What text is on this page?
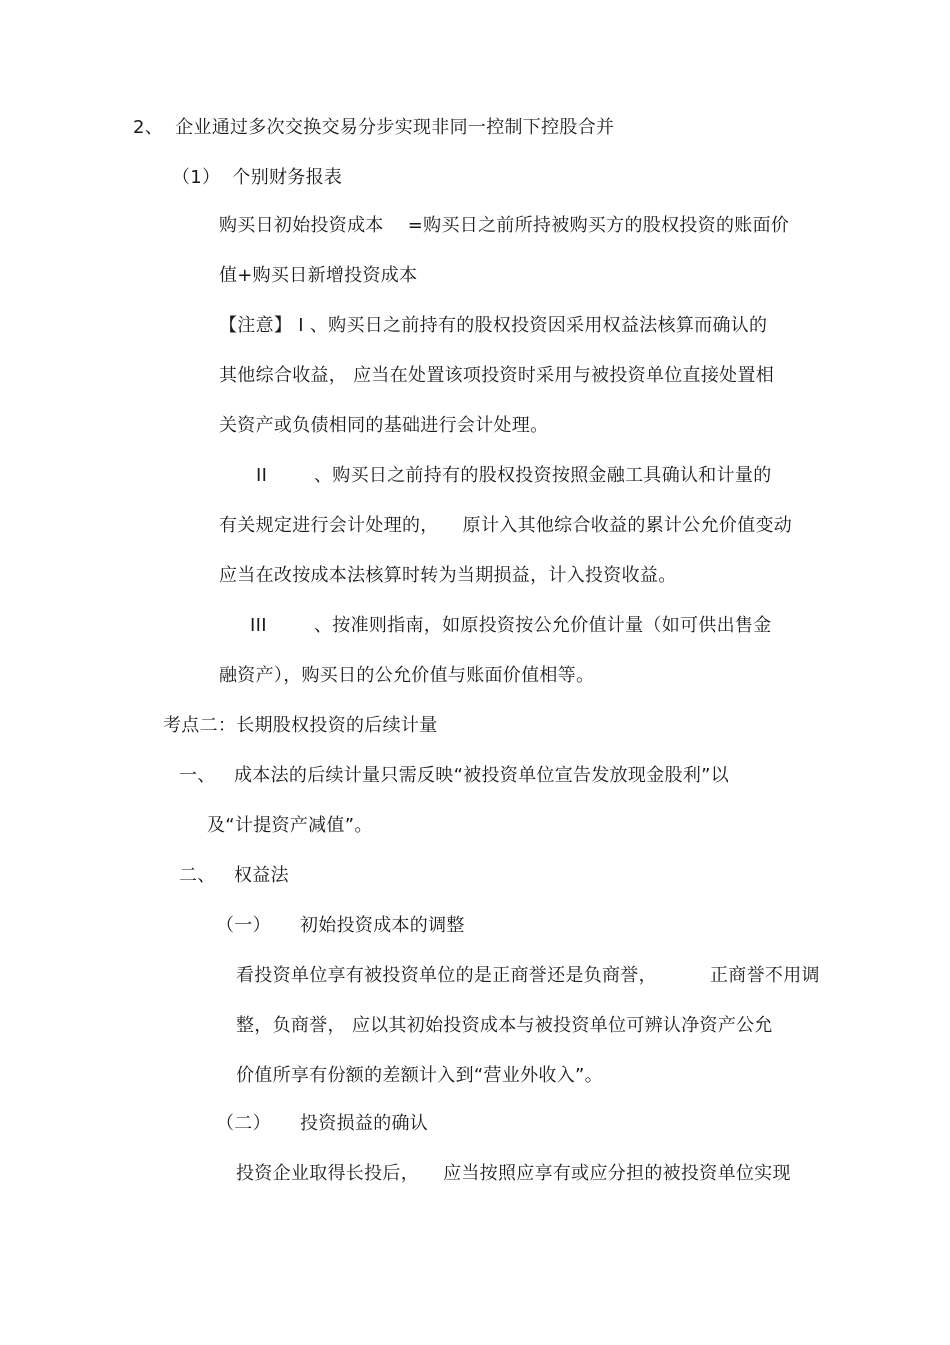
2、  企业通过多次交换交易分步实现非同一控制下控股合并
（1）  个别财务报表
购买日初始投资成本    =购买日之前所持被购买方的股权投资的账面价
值+购买日新增投资成本
【注意】 I 、购买日之前持有的股权投资因采用权益法核算而确认的
其他综合收益， 应当在处置该项投资时采用与被投资单位直接处置相
关资产或负债相同的基础进行会计处理。
II	、购买日之前持有的股权投资按照金融工具确认和计量的
有关规定进行会计处理的，    原计入其他综合收益的累计公允价值变动
应当在改按成本法核算时转为当期损益，计入投资收益。
III	、按准则指南，如原投资按公允价值计量（如可供出售金
融资产），购买日的公允价值与账面价值相等。
考点二：长期股权投资的后续计量
一、 成本法的后续计量只需反映“被投资单位宣告发放现金股利”以
及“计提资产减值”。
二、 权益法
（一） 初始投资成本的调整
看投资单位享有被投资单位的是正商誉还是负商誉，	正商誉不用调
整，负商誉， 应以其初始投资成本与被投资单位可辨认净资产公允
价值所享有份额的差额计入到“营业外收入”。
（二） 投资损益的确认
投资企业取得长投后，    应当按照应享有或应分担的被投资单位实现
